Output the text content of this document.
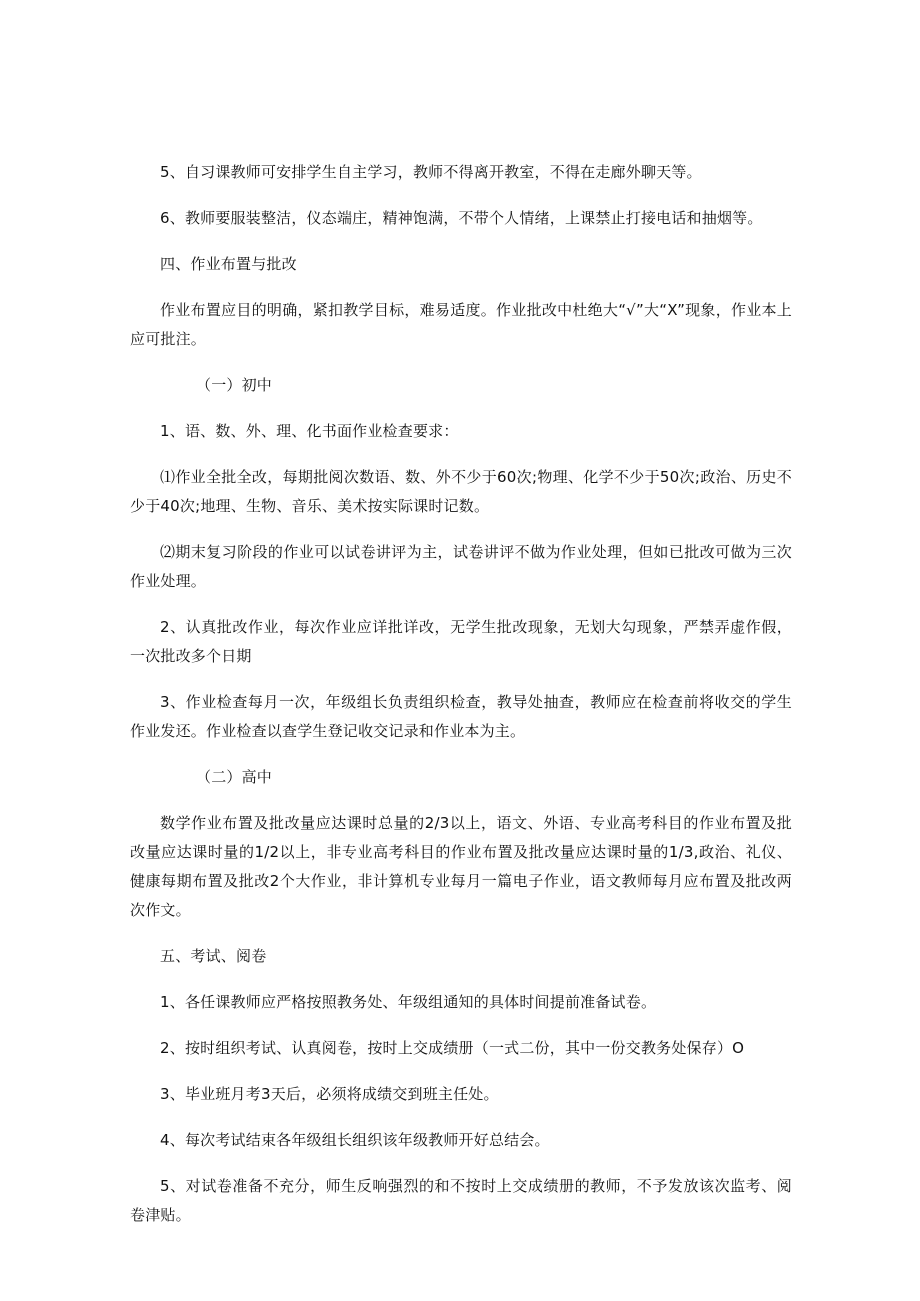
5、自习课教师可安排学生自主学习，教师不得离开教室，不得在走廊外聊天等。

6、教师要服装整洁，仪态端庄，精神饱满，不带个人情绪，上课禁止打接电话和抽烟等。

四、作业布置与批改

作业布置应目的明确，紧扣教学目标，难易适度。作业批改中杜绝大“√”大“X”现象，作业本上应可批注。

（一）初中

1、语、数、外、理、化书面作业检查要求：

⑴作业全批全改，每期批阅次数语、数、外不少于60次;物理、化学不少于50次;政治、历史不少于40次;地理、生物、音乐、美术按实际课时记数。

⑵期末复习阶段的作业可以试卷讲评为主，试卷讲评不做为作业处理，但如已批改可做为三次作业处理。

2、认真批改作业，每次作业应详批详改，无学生批改现象，无划大勾现象，严禁弄虚作假，一次批改多个日期

3、作业检查每月一次，年级组长负责组织检查，教导处抽查，教师应在检查前将收交的学生作业发还。作业检查以查学生登记收交记录和作业本为主。

（二）高中

数学作业布置及批改量应达课时总量的2/3以上，语文、外语、专业高考科目的作业布置及批改量应达课时量的1/2以上，非专业高考科目的作业布置及批改量应达课时量的1/3,政治、礼仪、健康每期布置及批改2个大作业，非计算机专业每月一篇电子作业，语文教师每月应布置及批改两次作文。

五、考试、阅卷

1、各任课教师应严格按照教务处、年级组通知的具体时间提前准备试卷。

2、按时组织考试、认真阅卷，按时上交成绩册（一式二份，其中一份交教务处保存）O

3、毕业班月考3天后，必须将成绩交到班主任处。

4、每次考试结束各年级组长组织该年级教师开好总结会。

5、对试卷准备不充分，师生反响强烈的和不按时上交成绩册的教师，不予发放该次监考、阅卷津贴。
